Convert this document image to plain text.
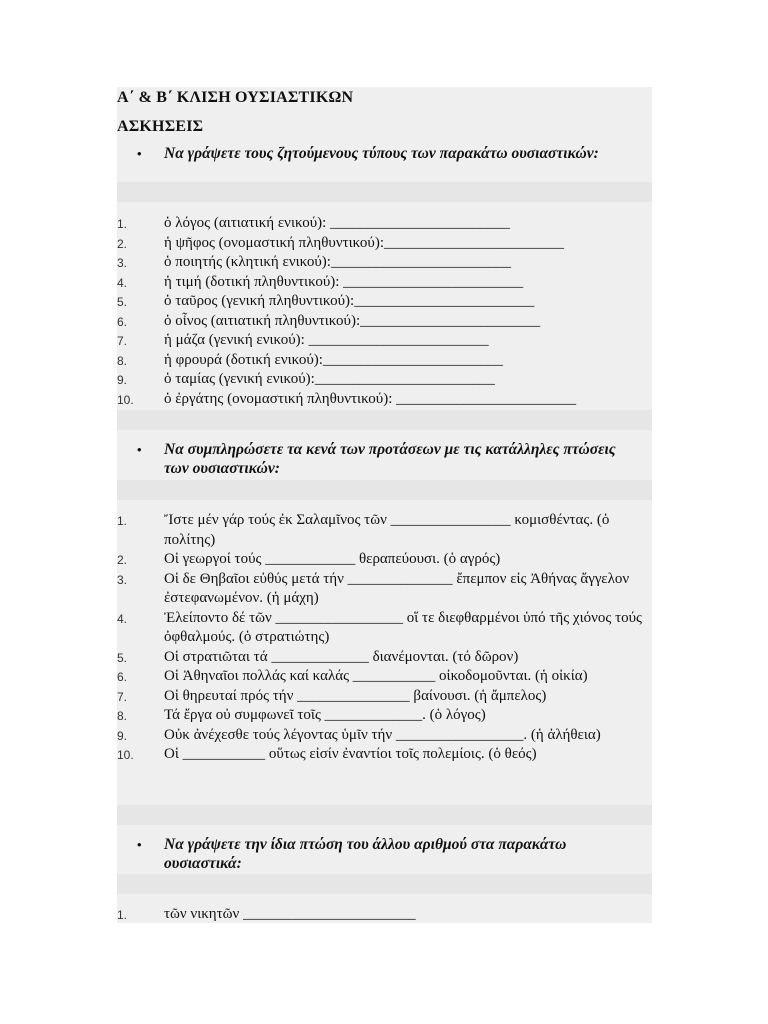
Α΄ & Β΄ ΚΛΙΣΗ ΟΥΣΙΑΣΤΙΚΩΝ
ΑΣΚΗΣΕΙΣ
• Να γράψετε τους ζητούμενους τύπους των παρακάτω ουσιαστικών:
1.	ὁ λόγος (αιτιατική ενικού): ________________________
2.	ἡ ψῆφος (ονομαστική πληθυντικού):________________________
3.	ὁ ποιητής (κλητική ενικού):________________________
4.	ἡ τιμή (δοτική πληθυντικού): ________________________
5.	ὁ ταῦρος (γενική πληθυντικού):________________________
6.	ὁ οἶνος (αιτιατική πληθυντικού):________________________
7.	ἡ μάζα (γενική ενικού): ________________________
8.	ἡ φρουρά (δοτική ενικού):________________________
9.	ὁ ταμίας (γενική ενικού):________________________
10.	ὁ ἐργάτης (ονομαστική πληθυντικού): ________________________
• Να συμπληρώσετε τα κενά των προτάσεων με τις κατάλληλες πτώσεις των ουσιαστικών:
1.	Ἴστε μέν γάρ τούς ἐκ Σαλαμῖνος τῶν ________________ κομισθέντας. (ὁ πολίτης)
2.	Οἱ γεωργοί τούς ____________ θεραπεύουσι. (ὁ αγρός)
3.	Οἱ δε Θηβαῖοι εὐθύς μετά τήν ______________ ἔπεμπον εἰς Ἀθήνας ἄγγελον ἐστεφανωμένον. (ἡ μάχη)
4.	Ἐλείποντο δέ τῶν _________________ οἵ τε διεφθαρμένοι ὑπό τῆς χιόνος τούς ὀφθαλμούς. (ὁ στρατιώτης)
5.	Οἱ στρατιῶται τά _____________ διανέμονται. (τό δῶρον)
6.	Οἱ Ἀθηναῖοι πολλάς καί καλάς ___________ οἰκοδομοῦνται. (ἡ οἰκία)
7.	Οἱ θηρευταί πρός τήν _______________ βαίνουσι. (ἡ ἄμπελος)
8.	Τά ἔργα οὐ συμφωνεῖ τοῖς _____________. (ὁ λόγος)
9.	Οὐκ ἀνέχεσθε τούς λέγοντας ὑμῖν τήν _________________. (ἡ ἀλήθεια)
10.	Οἱ ___________ οὕτως εἰσίν ἐναντίοι τοῖς πολεμίοις. (ὁ θεός)
• Να γράψετε την ίδια πτώση του άλλου αριθμού στα παρακάτω ουσιαστικά:
1.	τῶν νικητῶν _______________________
